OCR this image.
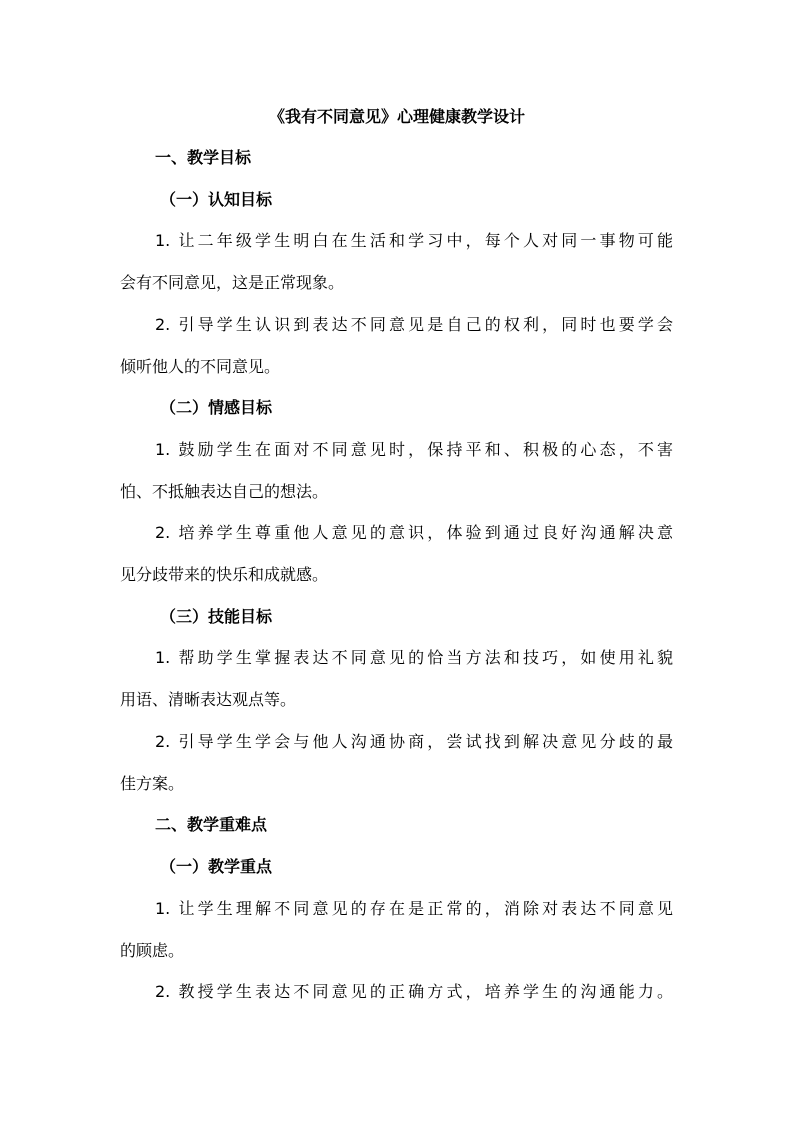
《我有不同意见》心理健康教学设计
一、教学目标
（一）认知目标
1. 让二年级学生明白在生活和学习中，每个人对同一事物可能
会有不同意见，这是正常现象。
2. 引导学生认识到表达不同意见是自己的权利，同时也要学会
倾听他人的不同意见。
（二）情感目标
1. 鼓励学生在面对不同意见时，保持平和、积极的心态，不害
怕、不抵触表达自己的想法。
2. 培养学生尊重他人意见的意识，体验到通过良好沟通解决意
见分歧带来的快乐和成就感。
（三）技能目标
1. 帮助学生掌握表达不同意见的恰当方法和技巧，如使用礼貌
用语、清晰表达观点等。
2. 引导学生学会与他人沟通协商，尝试找到解决意见分歧的最
佳方案。
二、教学重难点
（一）教学重点
1. 让学生理解不同意见的存在是正常的，消除对表达不同意见
的顾虑。
2. 教授学生表达不同意见的正确方式，培养学生的沟通能力。
